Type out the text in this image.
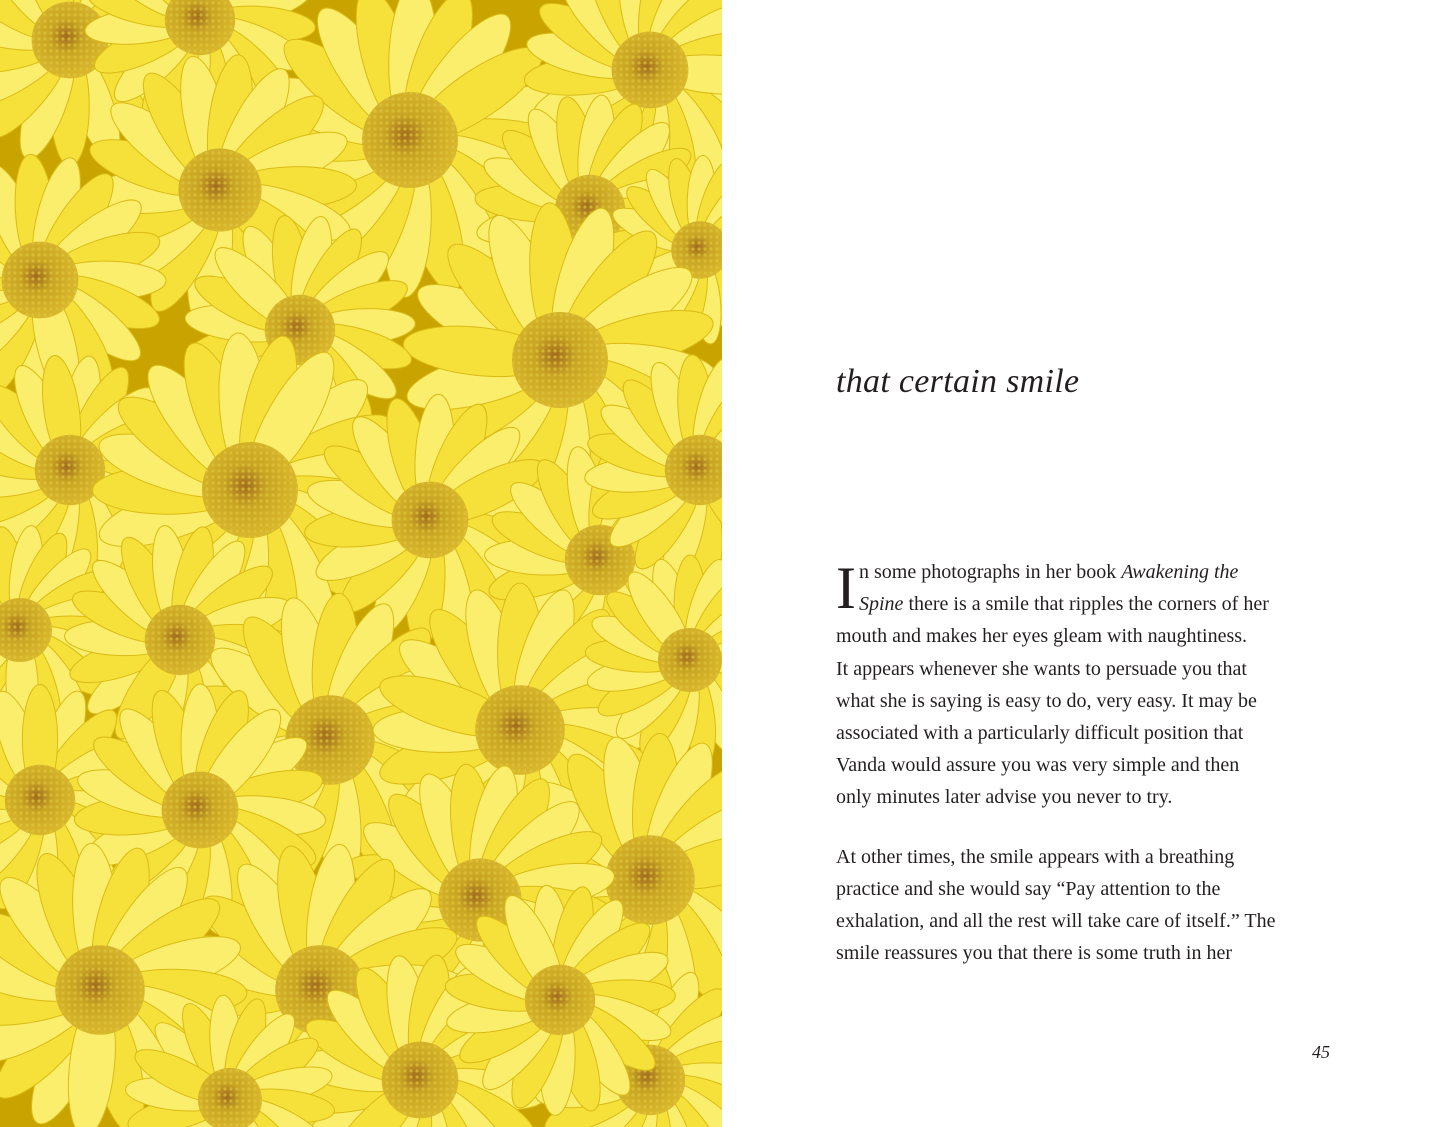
that certain smile

I n some photographs in her book Awakening the
Spine there is a smile that ripples the corners of her
mouth and makes her eyes gleam with naughtiness.
It appears whenever she wants to persuade you that
what she is saying is easy to do, very easy. It may be
associated with a particularly difficult position that
Vanda would assure you was very simple and then
only minutes later advise you never to try.

At other times, the smile appears with a breathing
practice and she would say “Pay attention to the
exhalation, and all the rest will take care of itself.” The
smile reassures you that there is some truth in her

45
